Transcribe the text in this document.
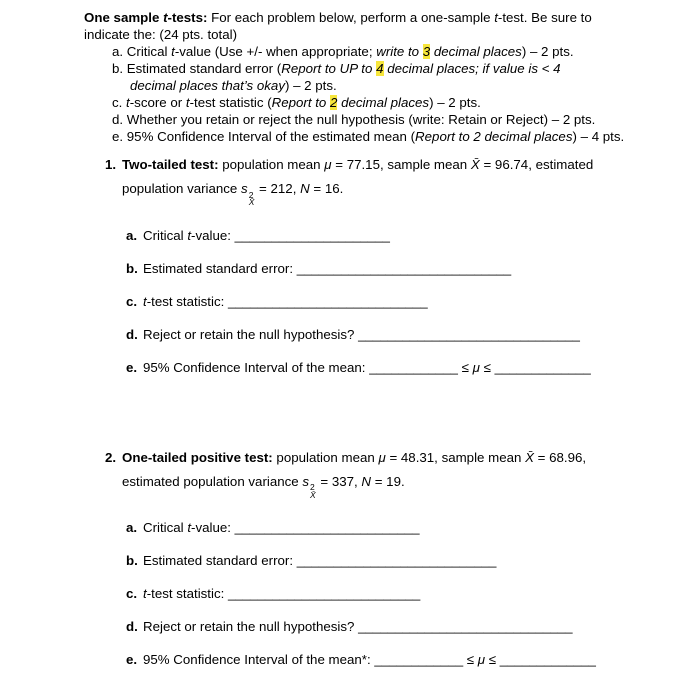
One sample t-tests: For each problem below, perform a one-sample t-test. Be sure to

indicate the: (24 pts. total)

a. Critical t-value (Use +/- when appropriate; write to 3 decimal places) – 2 pts.

b. Estimated standard error (Report to UP to 4 decimal places; if value is < 4

decimal places that’s okay) – 2 pts.

c. t-score or t-test statistic (Report to 2 decimal places) – 2 pts.

d. Whether you retain or reject the null hypothesis (write: Retain or Reject) – 2 pts.

e. 95% Confidence Interval of the estimated mean (Report to 2 decimal places) – 4 pts.

1. Two-tailed test: population mean μ = 77.15, sample mean X̄ = 96.74, estimated

population variance s 2
X̄
= 212, N = 16.

a. Critical t-value: _____________________

b. Estimated standard error: _____________________________

c. t-test statistic: ___________________________

d. Reject or retain the null hypothesis? ______________________________

e. 95% Confidence Interval of the mean: ____________ ≤ μ ≤ _____________

2. One-tailed positive test: population mean μ = 48.31, sample mean X̄ = 68.96,

estimated population variance s 2
X̄
= 337, N = 19.

a. Critical t-value: _________________________

b. Estimated standard error: ___________________________

c. t-test statistic: __________________________

d. Reject or retain the null hypothesis? _____________________________

e. 95% Confidence Interval of the mean*: ____________ ≤ μ ≤ _____________
